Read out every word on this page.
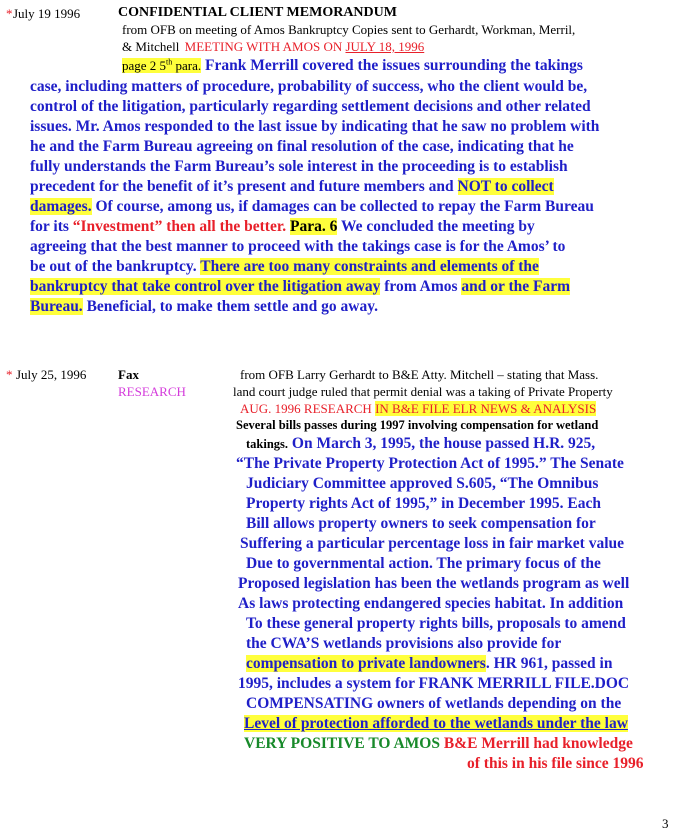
* July 19 1996	CONFIDENTIAL CLIENT MEMORANDUM
from OFB on meeting of Amos Bankruptcy Copies sent to Gerhardt, Workman, Merril,
& Mitchell MEETING WITH AMOS ON JULY 18, 1996
page 2 5th para. Frank Merrill covered the issues surrounding the takings
case, including matters of procedure, probability of success, who the client would be,
control of the litigation, particularly regarding settlement decisions and other related
issues. Mr. Amos responded to the last issue by indicating that he saw no problem with
he and the Farm Bureau agreeing on final resolution of the case, indicating that he
fully understands the Farm Bureau’s sole interest in the proceeding is to establish
precedent for the benefit of it’s present and future members and NOT to collect
damages. Of course, among us, if damages can be collected to repay the Farm Bureau
for its “Investment” then all the better. Para. 6 We concluded the meeting by
agreeing that the best manner to proceed with the takings case is for the Amos’ to
be out of the bankruptcy. There are too many constraints and elements of the
bankruptcy that take control over the litigation away from Amos and or the Farm
Bureau. Beneficial, to make them settle and go away.
* July 25, 1996 Fax	from OFB Larry Gerhardt to B&E Atty. Mitchell – stating that Mass.
RESEARCH	land court judge ruled that permit denial was a taking of Private Property
AUG. 1996 RESEARCH IN B&E FILE ELR NEWS & ANALYSIS
Several bills passes during 1997 involving compensation for wetland
takings. On March 3, 1995, the house passed H.R. 925,
“The Private Property Protection Act of 1995.” The Senate
Judiciary Committee approved S.605, “The Omnibus
Property rights Act of 1995,” in December 1995. Each
Bill allows property owners to seek compensation for
Suffering a particular percentage loss in fair market value
Due to governmental action. The primary focus of the
Proposed legislation has been the wetlands program as well
As laws protecting endangered species habitat. In addition
To these general property rights bills, proposals to amend
the CWA’S wetlands provisions also provide for
compensation to private landowners. HR 961, passed in
1995, includes a system for FRANK MERRILL FILE.DOC
COMPENSATING owners of wetlands depending on the
Level of protection afforded to the wetlands under the law
VERY POSITIVE TO AMOS B&E Merrill had knowledge
of this in his file since 1996
3
